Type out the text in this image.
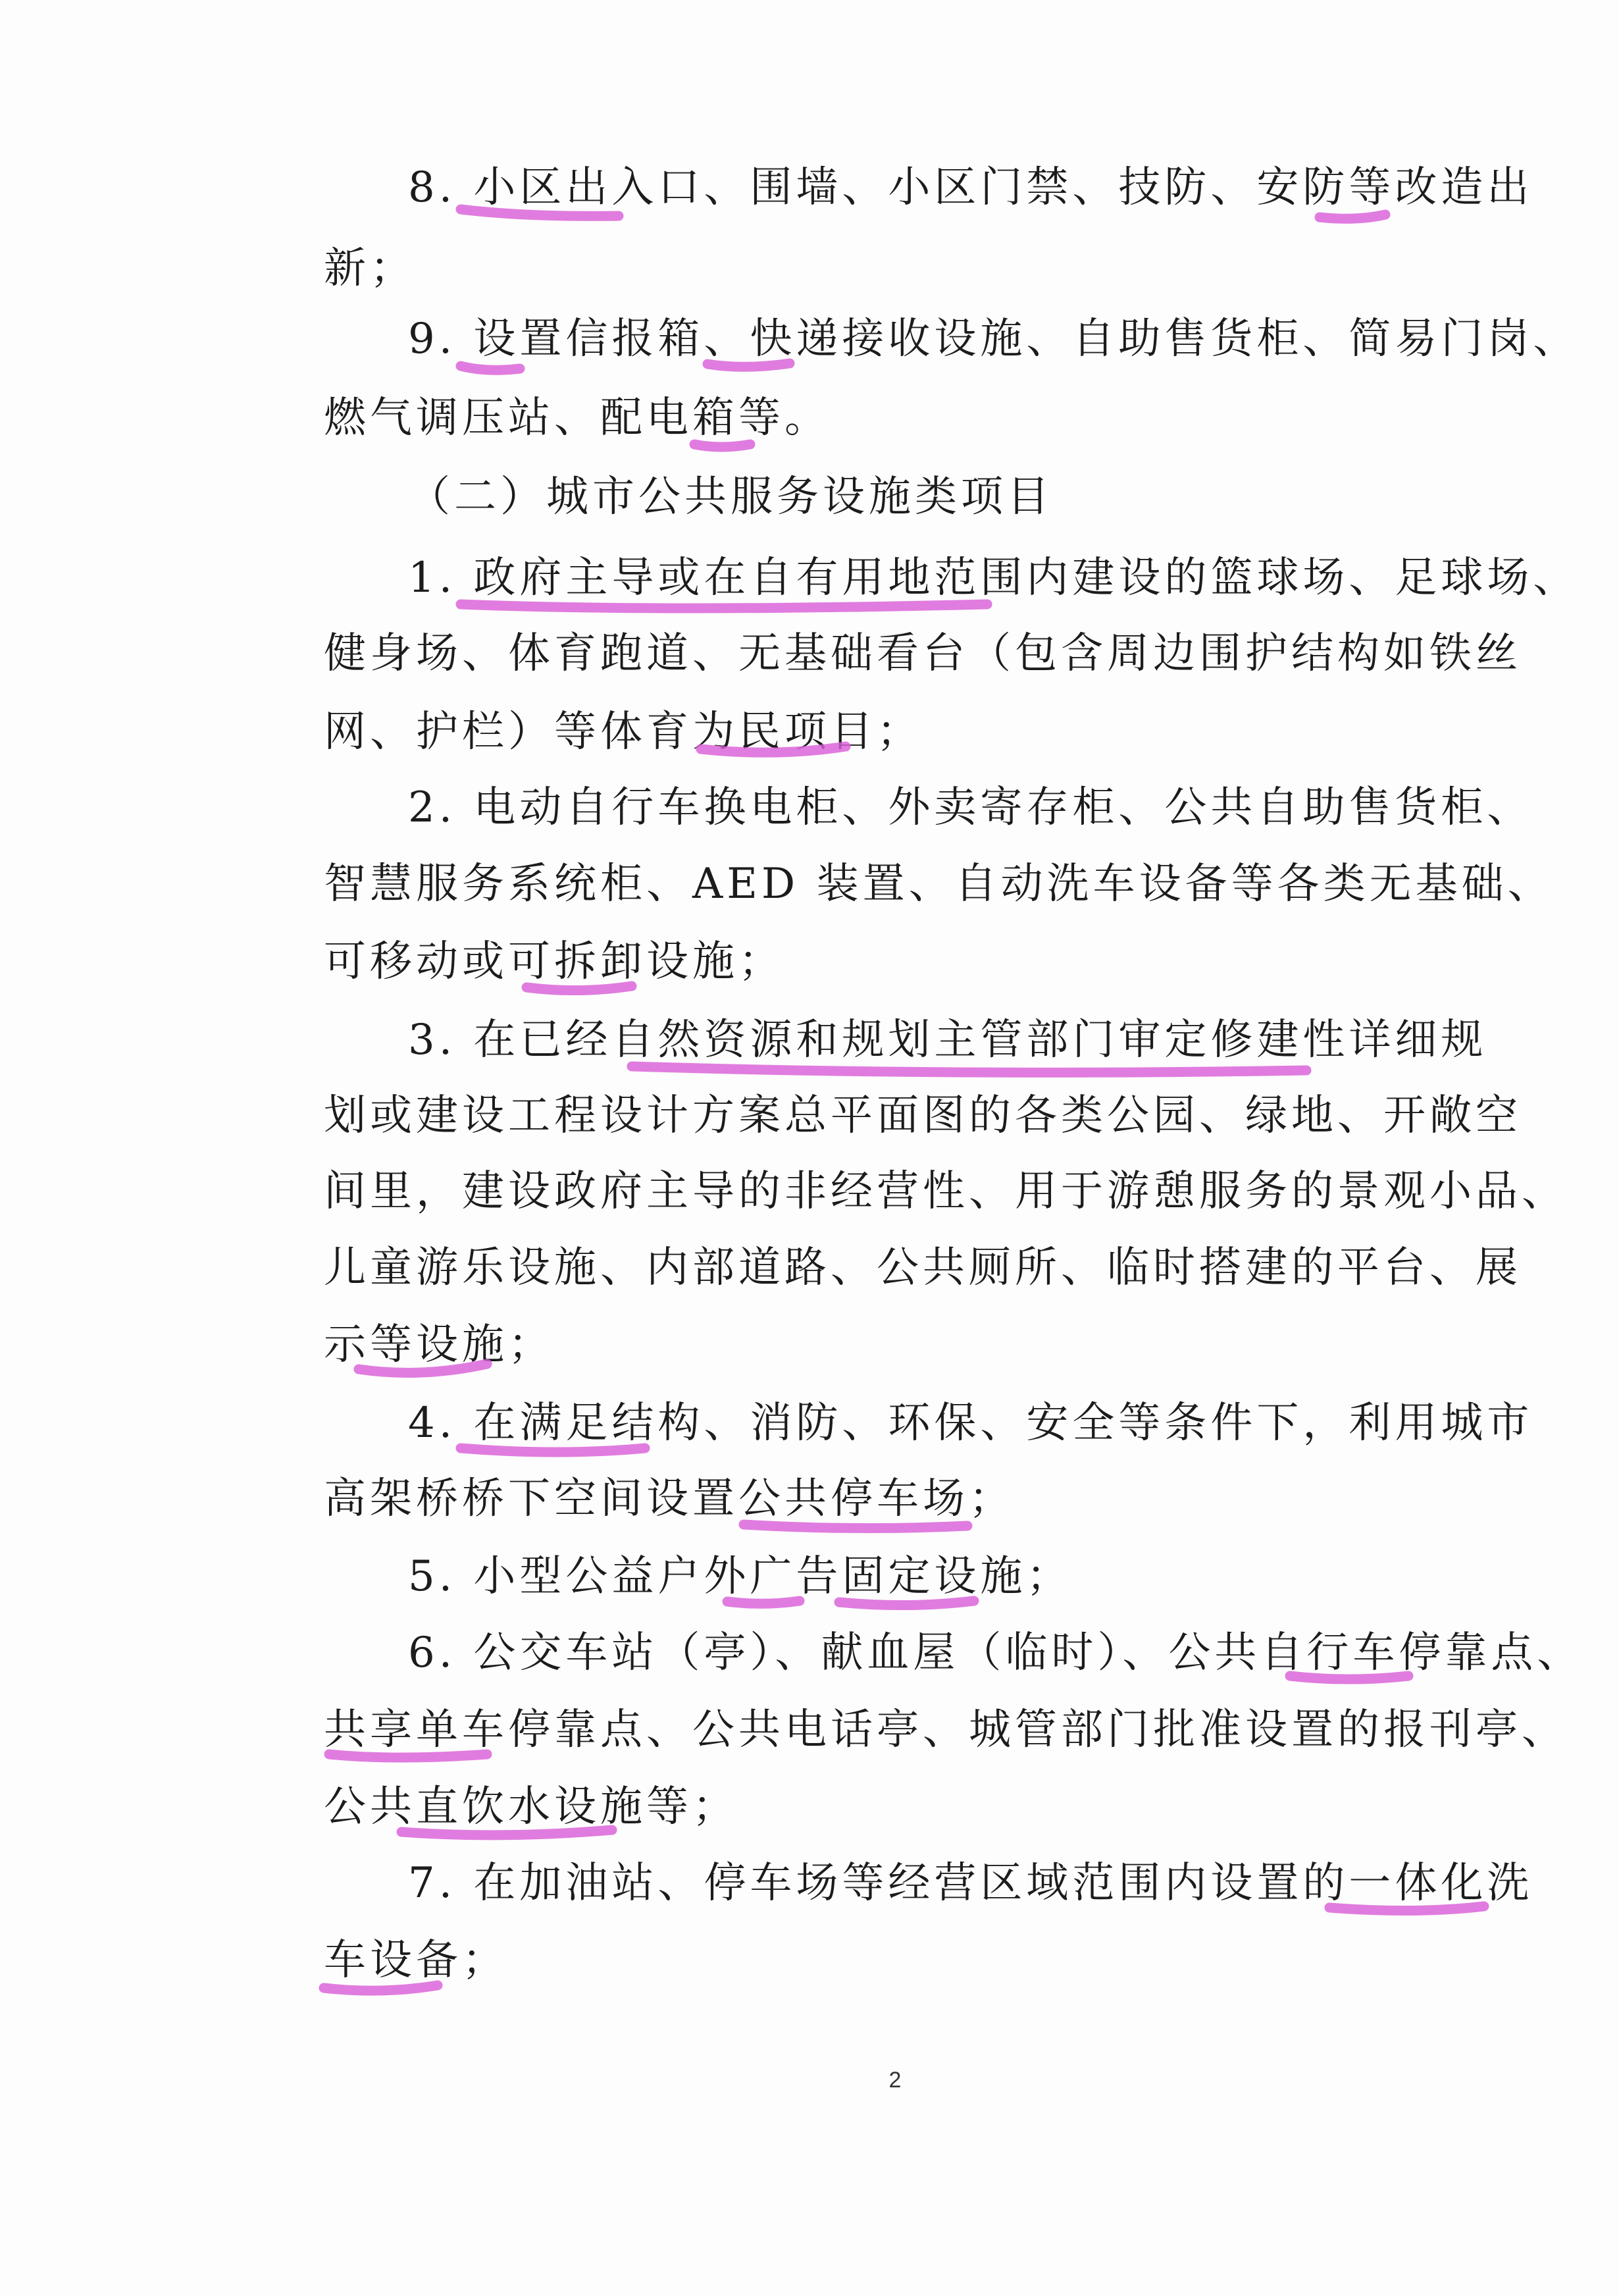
8. 小区出入口、围墙、小区门禁、技防、安防等改造出
新；
9. 设置信报箱、快递接收设施、自助售货柜、简易门岗、
燃气调压站、配电箱等。
（二）城市公共服务设施类项目
1. 政府主导或在自有用地范围内建设的篮球场、足球场、
健身场、体育跑道、无基础看台（包含周边围护结构如铁丝
网、护栏）等体育为民项目；
2. 电动自行车换电柜、外卖寄存柜、公共自助售货柜、
智慧服务系统柜、AED 装置、自动洗车设备等各类无基础、
可移动或可拆卸设施；
3. 在已经自然资源和规划主管部门审定修建性详细规
划或建设工程设计方案总平面图的各类公园、绿地、开敞空
间里，建设政府主导的非经营性、用于游憩服务的景观小品、
儿童游乐设施、内部道路、公共厕所、临时搭建的平台、展
示等设施；
4. 在满足结构、消防、环保、安全等条件下，利用城市
高架桥桥下空间设置公共停车场；
5. 小型公益户外广告固定设施；
6. 公交车站（亭）、献血屋（临时）、公共自行车停靠点、
共享单车停靠点、公共电话亭、城管部门批准设置的报刊亭、
公共直饮水设施等；
7. 在加油站、停车场等经营区域范围内设置的一体化洗
车设备；
2
